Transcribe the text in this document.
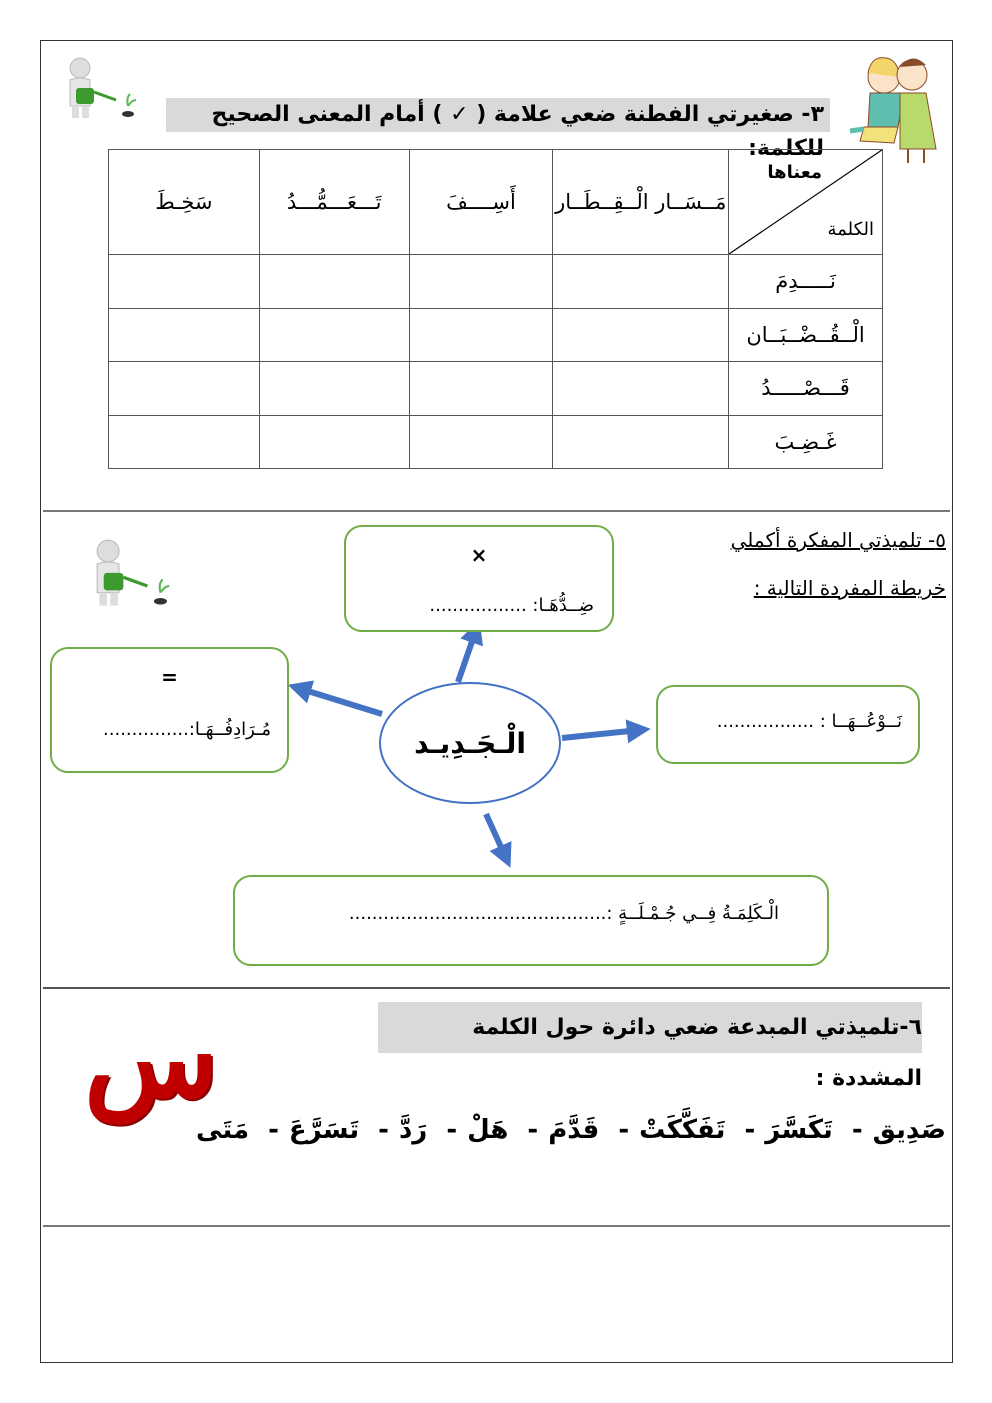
٣- صغيرتي الفطنة ضعي علامة ( ✓ ) أمام المعنى الصحيح للكلمة:
معناها
الكلمة	مَــسَــار الْــقِــطَــار	أَسِــــفَ	تَـــعَـــمُّـــدُ	سَخِـطَ
نَـــــدِمَ				
الْــقُــضْــبَــان				
قَـــصْـــــدُ				
غَـضِـبَ				
٥- تلميذتي المفكرة أكملي
خريطة المفردة التالية :
×
ضِــدُّهَـا: .................
=
مُـرَادِفُــهَـا:...............	الْـجَـدِيـد
نَــوْعُــهَــا : .................
الْـكَلِمَـةُ فِــي جُـمْـلَــةٍ :.............................................
س	٦-تلميذتي المبدعة ضعي دائرة حول الكلمة المشددة :
صَدِيق- تَكَسَّرَ- تَفَكَّكَتْ- قَدَّمَ- هَلْ- رَدَّ- تَسَرَّعَ- مَتَى
